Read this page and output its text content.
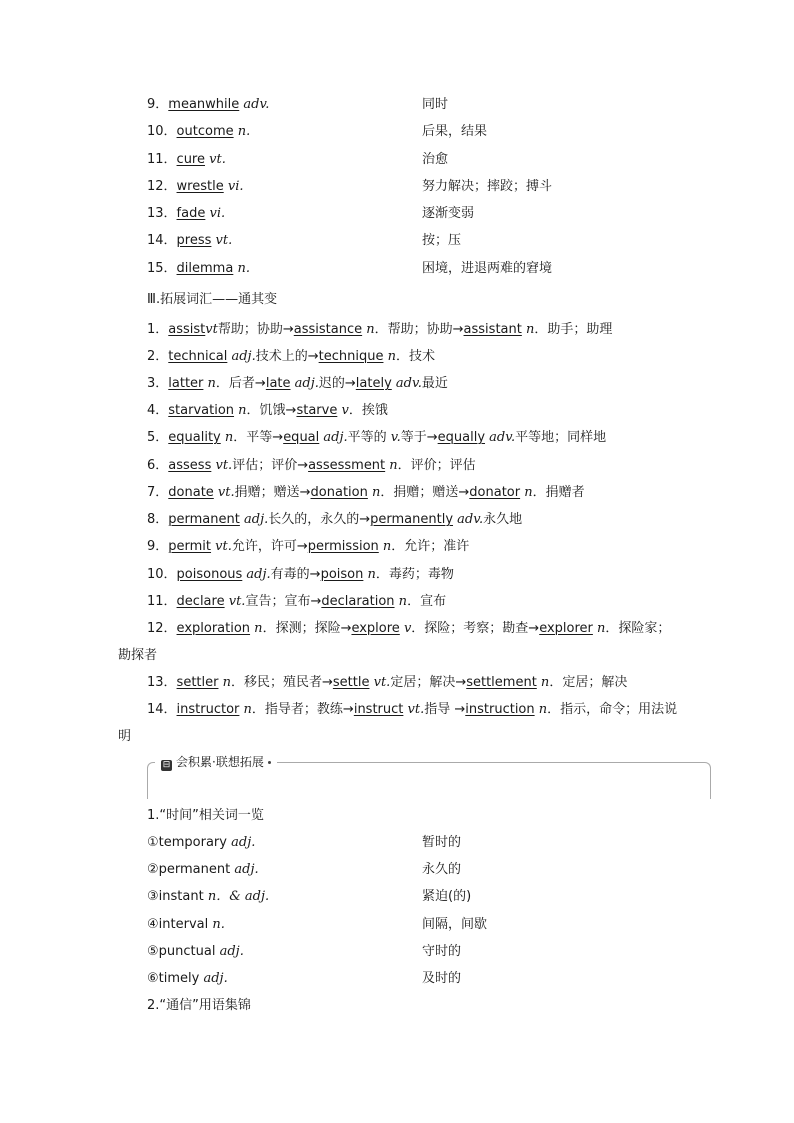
9．meanwhile adv.	同时
10．outcome n.	后果，结果
11．cure vt.	治愈
12．wrestle vi.	努力解决；摔跤；搏斗
13．fade vi.	逐渐变弱
14．press vt.	按；压
15．dilemma n.	困境，进退两难的窘境
Ⅲ.拓展词汇——通其变
1．assistvt帮助；协助→assistance n．帮助；协助→assistant n．助手；助理
2．technical adj.技术上的→technique n．技术
3．latter n．后者→late adj.迟的→lately adv.最近
4．starvation n．饥饿→starve v．挨饿
5．equality n．平等→equal adj.平等的 v.等于→equally adv.平等地；同样地
6．assess vt.评估；评价→assessment n．评价；评估
7．donate vt.捐赠；赠送→donation n．捐赠；赠送→donator n．捐赠者
8．permanent adj.长久的，永久的→permanently adv.永久地
9．permit vt.允许，许可→permission n．允许；准许
10．poisonous adj.有毒的→poison n．毒药；毒物
11．declare vt.宣告；宣布→declaration n．宣布
12．exploration n．探测；探险→explore v．探险；考察；勘查→explorer n．探险家；
勘探者
13．settler n．移民；殖民者→settle vt.定居；解决→settlement n．定居；解决
14．instructor n．指导者；教练→instruct vt.指导 →instruction n．指示，命令；用法说
明
⊟ 会积累·联想拓展
1.“时间”相关词一览
①temporary adj.	暂时的
②permanent adj.	永久的
③instant n．& adj.	紧迫(的)
④interval n.	间隔，间歇
⑤punctual adj.	守时的
⑥timely adj.	及时的
2.“通信”用语集锦
